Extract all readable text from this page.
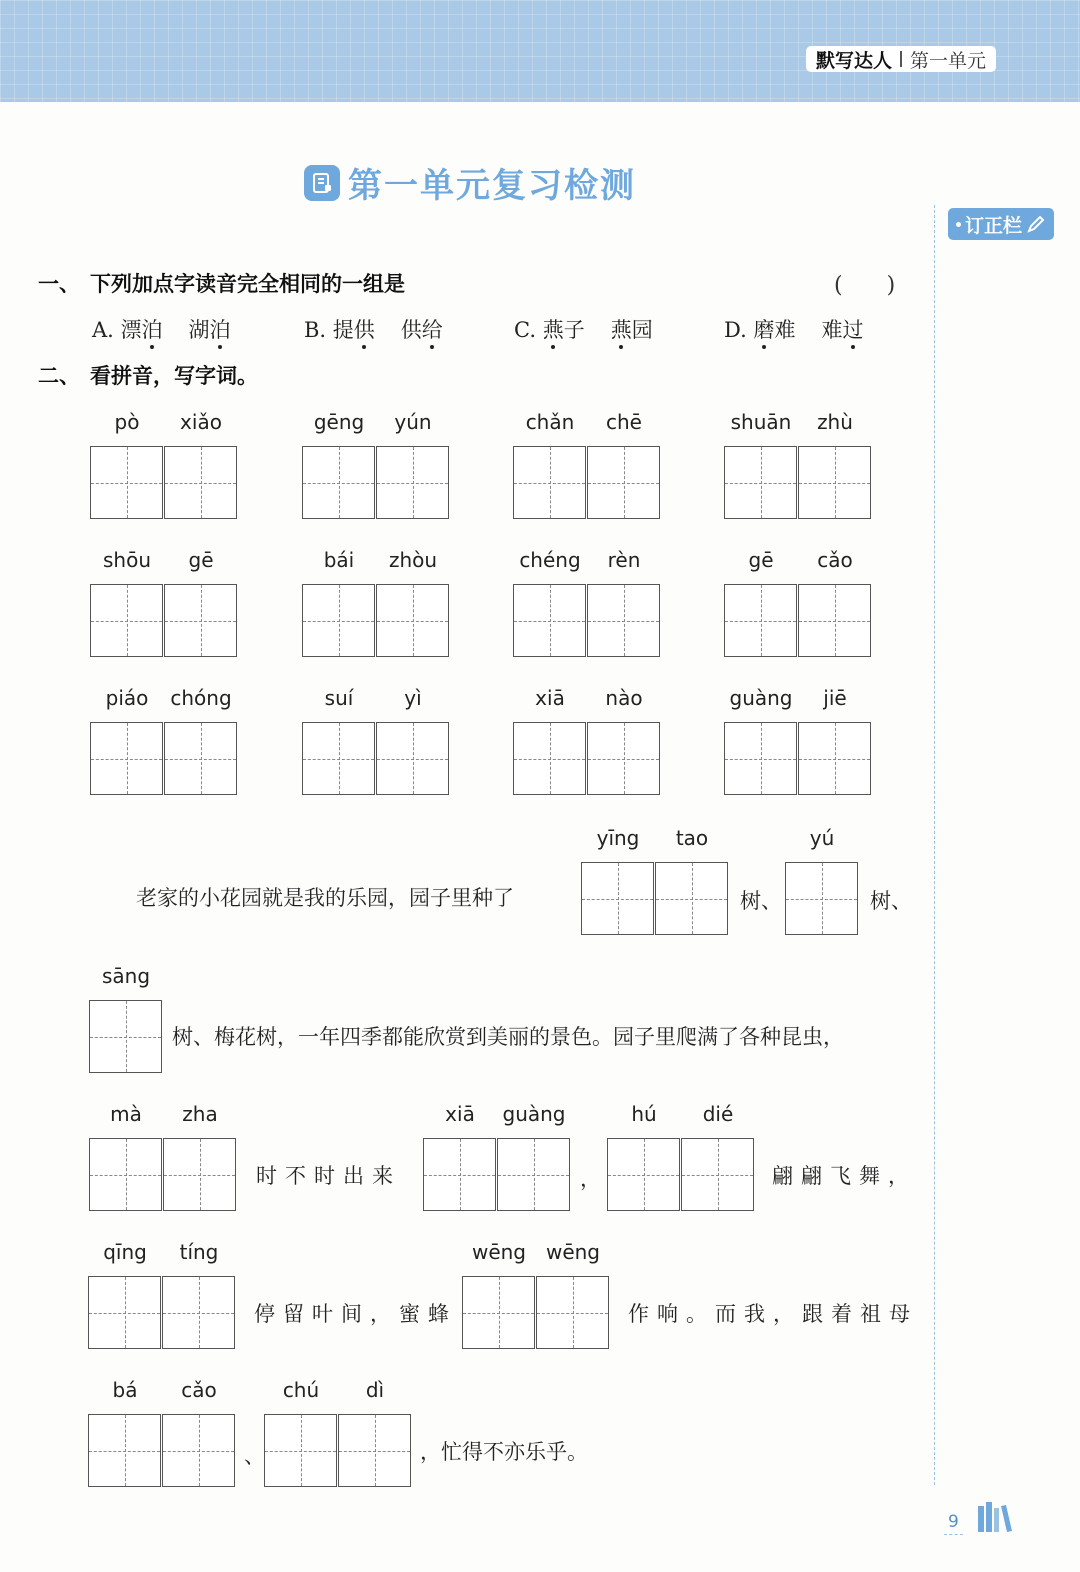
默写达人 第一单元
第一单元复习检测
订正栏
一、 下列加点字读音完全相同的一组是	(　　)
A. 漂泊 湖泊	B. 提供 供给	C. 燕子 燕园	D. 磨难 难过
二、 看拼音，写字词。
pò	xiǎo	gēng	yún	chǎn	chē	shuān	zhù
shōu	gē	bái	zhòu	chéng	rèn	gē	cǎo
piáo	chóng	suí	yì	xiā	nào	guàng	jiē
yīng	tao	yú
sāng
mà	zha	xiā	guàng	hú	dié
qīng	tíng	wēng wēng
bá	cǎo	chú	dì
老家的小花园就是我的乐园，园子里种了	树、	树、
树、梅花树，一年四季都能欣赏到美丽的景色。园子里爬满了各种昆虫，
时不时出来	，	翩翩飞舞，
停留叶间，蜜蜂	作响。而我，跟着祖母
、	，忙得不亦乐乎。
9
